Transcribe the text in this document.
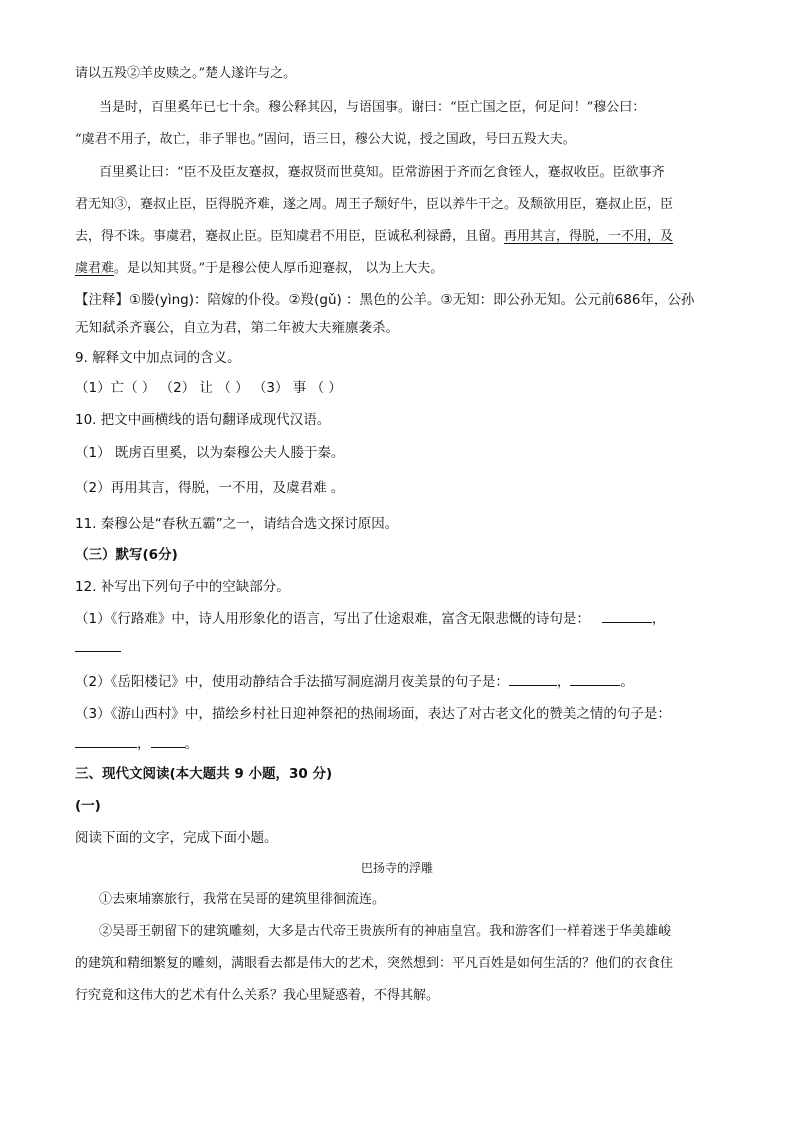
请以五羖②羊皮赎之。”楚人遂许与之。
当是时，百里奚年已七十余。穆公释其囚，与语国事。谢曰：“臣亡国之臣，何足问！”穆公曰：
“虞君不用子，故亡，非子罪也。”固问，语三日，穆公大说，授之国政，号曰五羖大夫。
百里奚让曰：“臣不及臣友蹇叔，蹇叔贤而世莫知。臣常游困于齐而乞食铚人，蹇叔收臣。臣欲事齐
君无知③，蹇叔止臣，臣得脱齐难，遂之周。周王子颓好牛，臣以养牛干之。及颓欲用臣，蹇叔止臣，臣
去，得不诛。事虞君，蹇叔止臣。臣知虞君不用臣，臣诚私利禄爵，且留。再用其言，得脱，一不用，及
虞君难。是以知其贤。”于是穆公使人厚币迎蹇叔， 以为上大夫。
【注释】①媵(yìng)：陪嫁的仆役。②羖(gǔ) ：黑色的公羊。③无知：即公孙无知。公元前686年，公孙
无知弑杀齐襄公，自立为君，第二年被大夫雍廪袭杀。
9. 解释文中加点词的含义。
（1）亡（ ） （2） 让 （ ） （3） 事 （ ）
10. 把文中画横线的语句翻译成现代汉语。
（1） 既虏百里奚，以为秦穆公夫人媵于秦。
（2）再用其言，得脱，一不用，及虞君难 。
11. 秦穆公是“春秋五霸”之一，请结合选文探讨原因。
（三）默写(6分)
12. 补写出下列句子中的空缺部分。
（1）《行路难》中，诗人用形象化的语言，写出了仕途艰难，富含无限悲慨的诗句是：	，
（2）《岳阳楼记》中，使用动静结合手法描写洞庭湖月夜美景的句子是：	，	。
（3）《游山西村》中，描绘乡村社日迎神祭祀的热闹场面，表达了对古老文化的赞美之情的句子是：
，	。
三、现代文阅读(本大题共 9 小题，30 分)
(一)
阅读下面的文字，完成下面小题。
巴扬寺的浮雕
①去柬埔寨旅行，我常在吴哥的建筑里徘徊流连。
②吴哥王朝留下的建筑雕刻，大多是古代帝王贵族所有的神庙皇宫。我和游客们一样着迷于华美雄峻
的建筑和精细繁复的雕刻，满眼看去都是伟大的艺术，突然想到：平凡百姓是如何生活的？他们的衣食住
行究竟和这伟大的艺术有什么关系？我心里疑惑着，不得其解。
